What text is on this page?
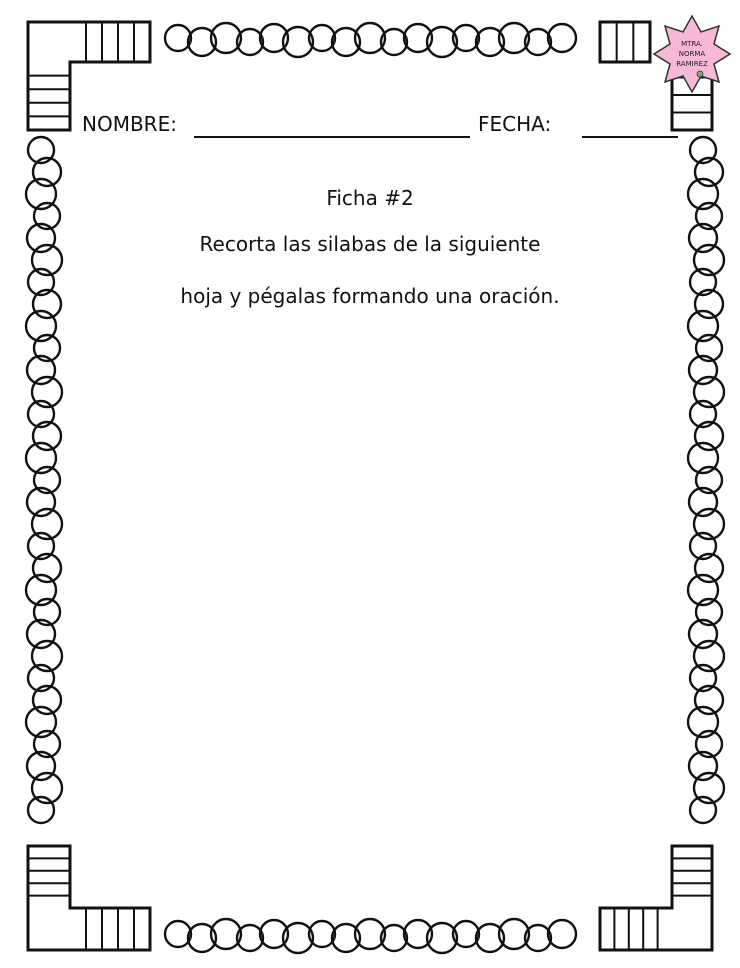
MTRA.
NORMA
RAMIREZ
NOMBRE:	FECHA:
Ficha #2
Recorta las silabas de la siguiente
hoja y pégalas formando una oración.
